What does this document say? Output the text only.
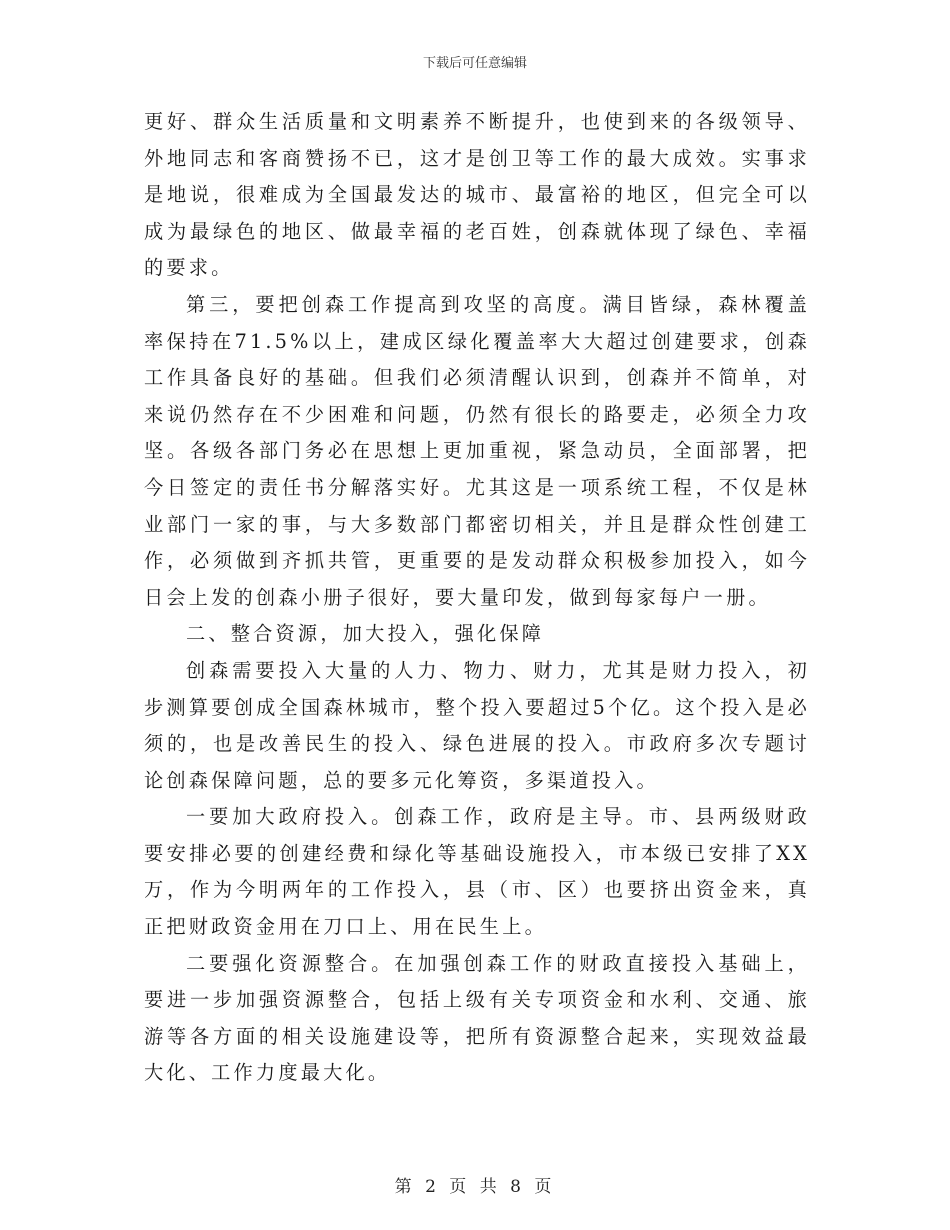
下载后可任意编辑

更好、群众生活质量和文明素养不断提升，也使到来的各级领导、外地同志和客商赞扬不已，这才是创卫等工作的最大成效。实事求是地说，很难成为全国最发达的城市、最富裕的地区，但完全可以成为最绿色的地区、做最幸福的老百姓，创森就体现了绿色、幸福的要求。

第三，要把创森工作提高到攻坚的高度。满目皆绿，森林覆盖率保持在71.5%以上，建成区绿化覆盖率大大超过创建要求，创森工作具备良好的基础。但我们必须清醒认识到，创森并不简单，对来说仍然存在不少困难和问题，仍然有很长的路要走，必须全力攻坚。各级各部门务必在思想上更加重视，紧急动员，全面部署，把今日签定的责任书分解落实好。尤其这是一项系统工程，不仅是林业部门一家的事，与大多数部门都密切相关，并且是群众性创建工作，必须做到齐抓共管，更重要的是发动群众积极参加投入，如今日会上发的创森小册子很好，要大量印发，做到每家每户一册。

二、整合资源，加大投入，强化保障

创森需要投入大量的人力、物力、财力，尤其是财力投入，初步测算要创成全国森林城市，整个投入要超过5个亿。这个投入是必须的，也是改善民生的投入、绿色进展的投入。市政府多次专题讨论创森保障问题，总的要多元化筹资，多渠道投入。

一要加大政府投入。创森工作，政府是主导。市、县两级财政要安排必要的创建经费和绿化等基础设施投入，市本级已安排了XX万，作为今明两年的工作投入，县（市、区）也要挤出资金来，真正把财政资金用在刀口上、用在民生上。

二要强化资源整合。在加强创森工作的财政直接投入基础上，要进一步加强资源整合，包括上级有关专项资金和水利、交通、旅游等各方面的相关设施建设等，把所有资源整合起来，实现效益最大化、工作力度最大化。

第 2 页 共 8 页
